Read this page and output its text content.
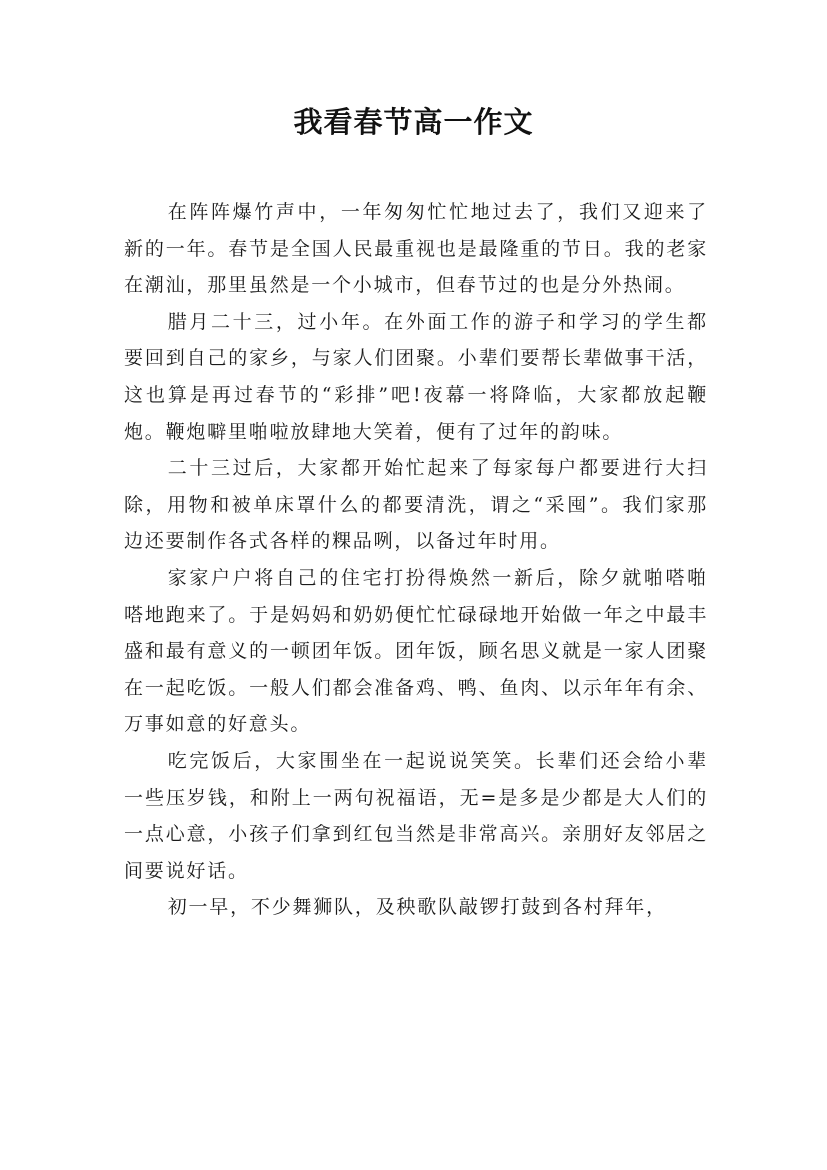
我看春节高一作文

在阵阵爆竹声中，一年匆匆忙忙地过去了，我们又迎来了新的一年。春节是全国人民最重视也是最隆重的节日。我的老家在潮汕，那里虽然是一个小城市，但春节过的也是分外热闹。

腊月二十三，过小年。在外面工作的游子和学习的学生都要回到自己的家乡，与家人们团聚。小辈们要帮长辈做事干活，这也算是再过春节的“彩排”吧!夜幕一将降临，大家都放起鞭炮。鞭炮噼里啪啦放肆地大笑着，便有了过年的韵味。

二十三过后，大家都开始忙起来了每家每户都要进行大扫除，用物和被单床罩什么的都要清洗，谓之“采囤”。我们家那边还要制作各式各样的粿品咧，以备过年时用。

家家户户将自己的住宅打扮得焕然一新后，除夕就啪嗒啪嗒地跑来了。于是妈妈和奶奶便忙忙碌碌地开始做一年之中最丰盛和最有意义的一顿团年饭。团年饭，顾名思义就是一家人团聚在一起吃饭。一般人们都会准备鸡、鸭、鱼肉、以示年年有余、万事如意的好意头。

吃完饭后，大家围坐在一起说说笑笑。长辈们还会给小辈一些压岁钱，和附上一两句祝福语，无=是多是少都是大人们的一点心意，小孩子们拿到红包当然是非常高兴。亲朋好友邻居之间要说好话。

初一早，不少舞狮队，及秧歌队敲锣打鼓到各村拜年，
